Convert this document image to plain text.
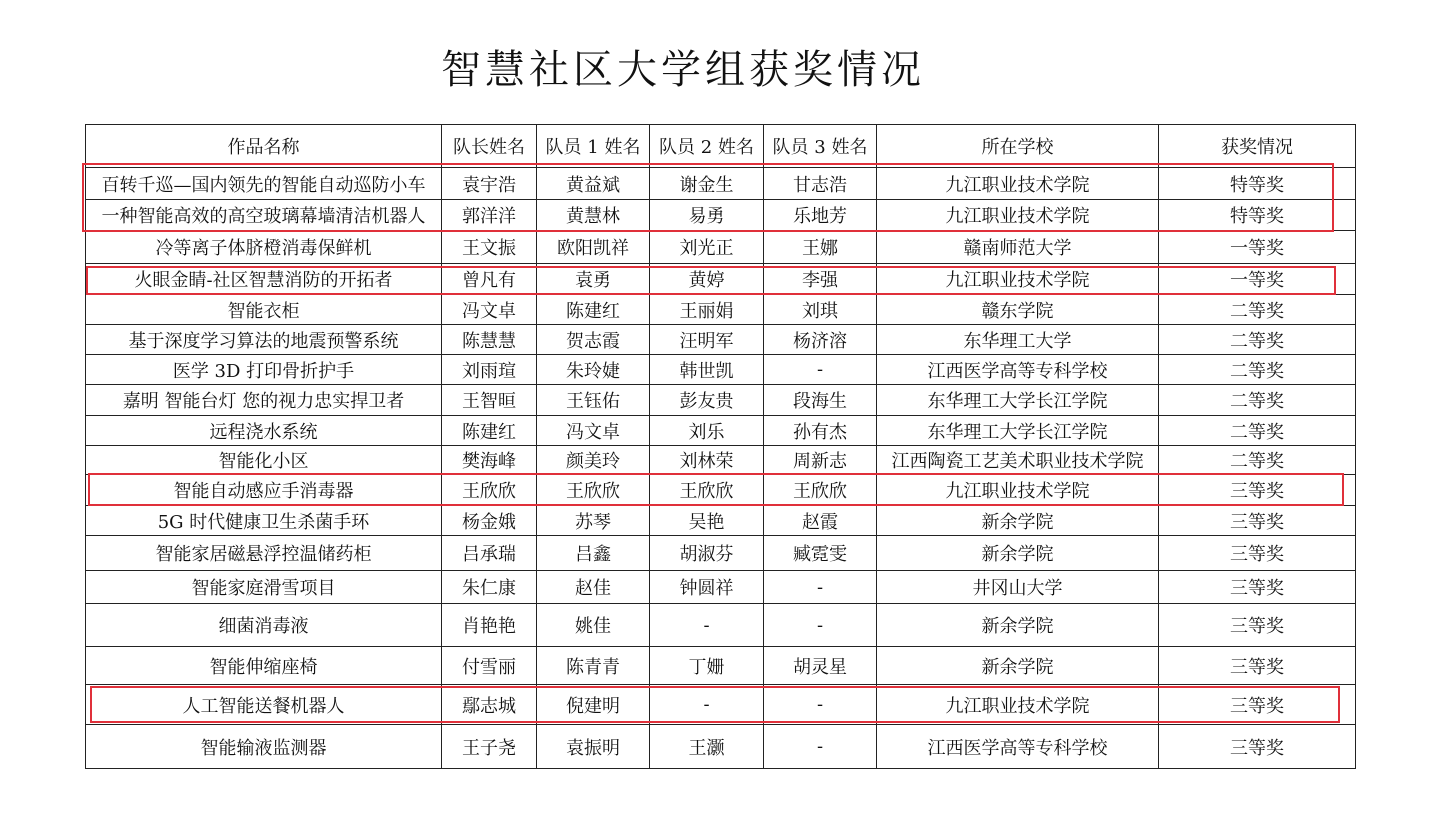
智慧社区大学组获奖情况
作品名称	队长姓名	队员 1 姓名	队员 2 姓名	队员 3 姓名	所在学校	获奖情况
百转千巡—国内领先的智能自动巡防小车	袁宇浩	黄益斌	谢金生	甘志浩	九江职业技术学院	特等奖
一种智能高效的高空玻璃幕墙清洁机器人	郭洋洋	黄慧林	易勇	乐地芳	九江职业技术学院	特等奖
冷等离子体脐橙消毒保鲜机	王文振	欧阳凯祥	刘光正	王娜	赣南师范大学	一等奖
火眼金睛-社区智慧消防的开拓者	曾凡有	袁勇	黄婷	李强	九江职业技术学院	一等奖
智能衣柜	冯文卓	陈建红	王丽娟	刘琪	赣东学院	二等奖
基于深度学习算法的地震预警系统	陈慧慧	贺志霞	汪明军	杨济溶	东华理工大学	二等奖
医学 3D 打印骨折护手	刘雨瑄	朱玲婕	韩世凯	-	江西医学高等专科学校	二等奖
嘉明 智能台灯 您的视力忠实捍卫者	王智晅	王钰佑	彭友贵	段海生	东华理工大学长江学院	二等奖
远程浇水系统	陈建红	冯文卓	刘乐	孙有杰	东华理工大学长江学院	二等奖
智能化小区	樊海峰	颜美玲	刘林荣	周新志	江西陶瓷工艺美术职业技术学院	二等奖
智能自动感应手消毒器	王欣欣	王欣欣	王欣欣	王欣欣	九江职业技术学院	三等奖
5G 时代健康卫生杀菌手环	杨金娥	苏琴	吴艳	赵霞	新余学院	三等奖
智能家居磁悬浮控温储药柜	吕承瑞	吕鑫	胡淑芬	臧霓雯	新余学院	三等奖
智能家庭滑雪项目	朱仁康	赵佳	钟圆祥	-	井冈山大学	三等奖
细菌消毒液	肖艳艳	姚佳	-	-	新余学院	三等奖
智能伸缩座椅	付雪丽	陈青青	丁姗	胡灵星	新余学院	三等奖
人工智能送餐机器人	鄢志城	倪建明	-	-	九江职业技术学院	三等奖
智能输液监测器	王子尧	袁振明	王灏	-	江西医学高等专科学校	三等奖
